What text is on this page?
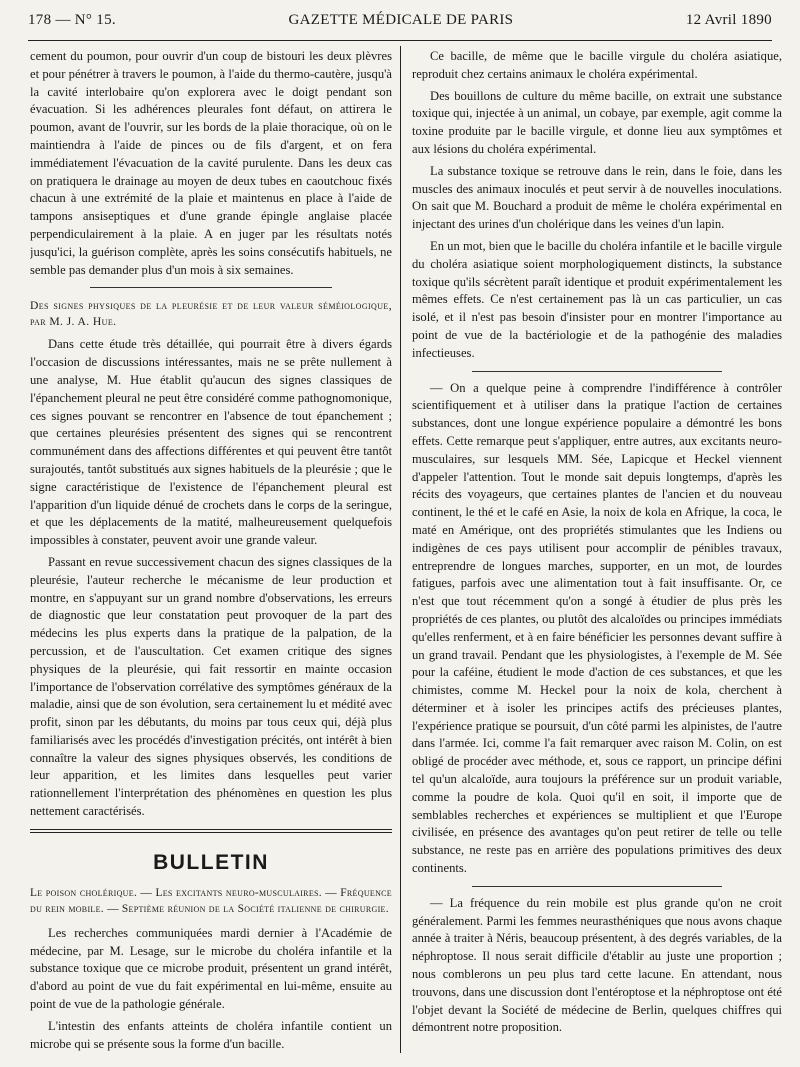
178 — N° 15.	GAZETTE MÉDICALE DE PARIS	12 Avril 1890

cement du poumon, pour ouvrir d'un coup de bistouri les deux plèvres et pour pénétrer à travers le poumon, à l'aide du thermo-cautère, jusqu'à la cavité interlobaire qu'on explorera avec le doigt pendant son évacuation. Si les adhérences pleurales font défaut, on attirera le poumon, avant de l'ouvrir, sur les bords de la plaie thoracique, où on le maintiendra à l'aide de pinces ou de fils d'argent, et on fera immédiatement l'évacuation de la cavité purulente. Dans les deux cas on pratiquera le drainage au moyen de deux tubes en caoutchouc fixés chacun à une extrémité de la plaie et maintenus en place à l'aide de tampons ansiseptiques et d'une grande épingle anglaise placée perpendiculairement à la plaie. A en juger par les résultats notés jusqu'ici, la guérison complète, après les soins consécutifs habituels, ne semble pas demander plus d'un mois à six semaines.

Des signes physiques de la pleurésie et de leur valeur séméiologique, par M. J. A. Hue.

Dans cette étude très détaillée, qui pourrait être à divers égards l'occasion de discussions intéressantes, mais ne se prête nullement à une analyse, M. Hue établit qu'aucun des signes classiques de l'épanchement pleural ne peut être considéré comme pathognomonique, ces signes pouvant se rencontrer en l'absence de tout épanchement ; que certaines pleurésies présentent des signes qui se rencontrent communément dans des affections différentes et qui peuvent être tantôt surajoutés, tantôt substitués aux signes habituels de la pleurésie ; que le signe caractéristique de l'existence de l'épanchement pleural est l'apparition d'un liquide dénué de crochets dans le corps de la seringue, et que les déplacements de la matité, malheureusement quelquefois impossibles à constater, peuvent avoir une grande valeur.

Passant en revue successivement chacun des signes classiques de la pleurésie, l'auteur recherche le mécanisme de leur production et montre, en s'appuyant sur un grand nombre d'observations, les erreurs de diagnostic que leur constatation peut provoquer de la part des médecins les plus experts dans la pratique de la palpation, de la percussion, et de l'auscultation. Cet examen critique des signes physiques de la pleurésie, qui fait ressortir en mainte occasion l'importance de l'observation corrélative des symptômes généraux de la maladie, ainsi que de son évolution, sera certainement lu et médité avec profit, sinon par les débutants, du moins par tous ceux qui, déjà plus familiarisés avec les procédés d'investigation précités, ont intérêt à bien connaître la valeur des signes physiques observés, les conditions de leur apparition, et les limites dans lesquelles peut varier rationnellement l'interprétation des phénomènes en question les plus nettement caractérisés.

BULLETIN
Le poison cholérique. — Les excitants neuro-musculaires. — Fréquence du rein mobile. — Septième réunion de la Société italienne de chirurgie.

Les recherches communiquées mardi dernier à l'Académie de médecine, par M. Lesage, sur le microbe du choléra infantile et la substance toxique que ce microbe produit, présentent un grand intérêt, d'abord au point de vue du fait expérimental en lui-même, ensuite au point de vue de la pathologie générale.

L'intestin des enfants atteints de choléra infantile contient un microbe qui se présente sous la forme d'un bacille.

Ce bacille, de même que le bacille virgule du choléra asiatique, reproduit chez certains animaux le choléra expérimental.

Des bouillons de culture du même bacille, on extrait une substance toxique qui, injectée à un animal, un cobaye, par exemple, agit comme la toxine produite par le bacille virgule, et donne lieu aux symptômes et aux lésions du choléra expérimental.

La substance toxique se retrouve dans le rein, dans le foie, dans les muscles des animaux inoculés et peut servir à de nouvelles inoculations. On sait que M. Bouchard a produit de même le choléra expérimental en injectant des urines d'un cholérique dans les veines d'un lapin.

En un mot, bien que le bacille du choléra infantile et le bacille virgule du choléra asiatique soient morphologiquement distincts, la substance toxique qu'ils sécrètent paraît identique et produit expérimentalement les mêmes effets. Ce n'est certainement pas là un cas particulier, un cas isolé, et il n'est pas besoin d'insister pour en montrer l'importance au point de vue de la bactériologie et de la pathogénie des maladies infectieuses.

— On a quelque peine à comprendre l'indifférence à contrôler scientifiquement et à utiliser dans la pratique l'action de certaines substances, dont une longue expérience populaire a démontré les bons effets. Cette remarque peut s'appliquer, entre autres, aux excitants neuro-musculaires, sur lesquels MM. Sée, Lapicque et Heckel viennent d'appeler l'attention. Tout le monde sait depuis longtemps, d'après les récits des voyageurs, que certaines plantes de l'ancien et du nouveau continent, le thé et le café en Asie, la noix de kola en Afrique, la coca, le maté en Amérique, ont des propriétés stimulantes que les Indiens ou indigènes de ces pays utilisent pour accomplir de pénibles travaux, entreprendre de longues marches, supporter, en un mot, de lourdes fatigues, parfois avec une alimentation tout à fait insuffisante. Or, ce n'est que tout récemment qu'on a songé à étudier de plus près les propriétés de ces plantes, ou plutôt des alcaloïdes ou principes immédiats qu'elles renferment, et à en faire bénéficier les personnes devant suffire à un grand travail. Pendant que les physiologistes, à l'exemple de M. Sée pour la caféine, étudient le mode d'action de ces substances, et que les chimistes, comme M. Heckel pour la noix de kola, cherchent à déterminer et à isoler les principes actifs des précieuses plantes, l'expérience pratique se poursuit, d'un côté parmi les alpinistes, de l'autre dans l'armée. Ici, comme l'a fait remarquer avec raison M. Colin, on est obligé de procéder avec méthode, et, sous ce rapport, un principe défini tel qu'un alcaloïde, aura toujours la préférence sur un produit variable, comme la poudre de kola. Quoi qu'il en soit, il importe que de semblables recherches et expériences se multiplient et que l'Europe civilisée, en présence des avantages qu'on peut retirer de telle ou telle substance, ne reste pas en arrière des populations primitives des deux continents.

— La fréquence du rein mobile est plus grande qu'on ne croit généralement. Parmi les femmes neurasthéniques que nous avons chaque année à traiter à Néris, beaucoup présentent, à des degrés variables, de la néphroptose. Il nous serait difficile d'établir au juste une proportion ; nous comblerons un peu plus tard cette lacune. En attendant, nous trouvons, dans une discussion dont l'entéroptose et la néphroptose ont été l'objet devant la Société de médecine de Berlin, quelques chiffres qui démontrent notre proposition.
